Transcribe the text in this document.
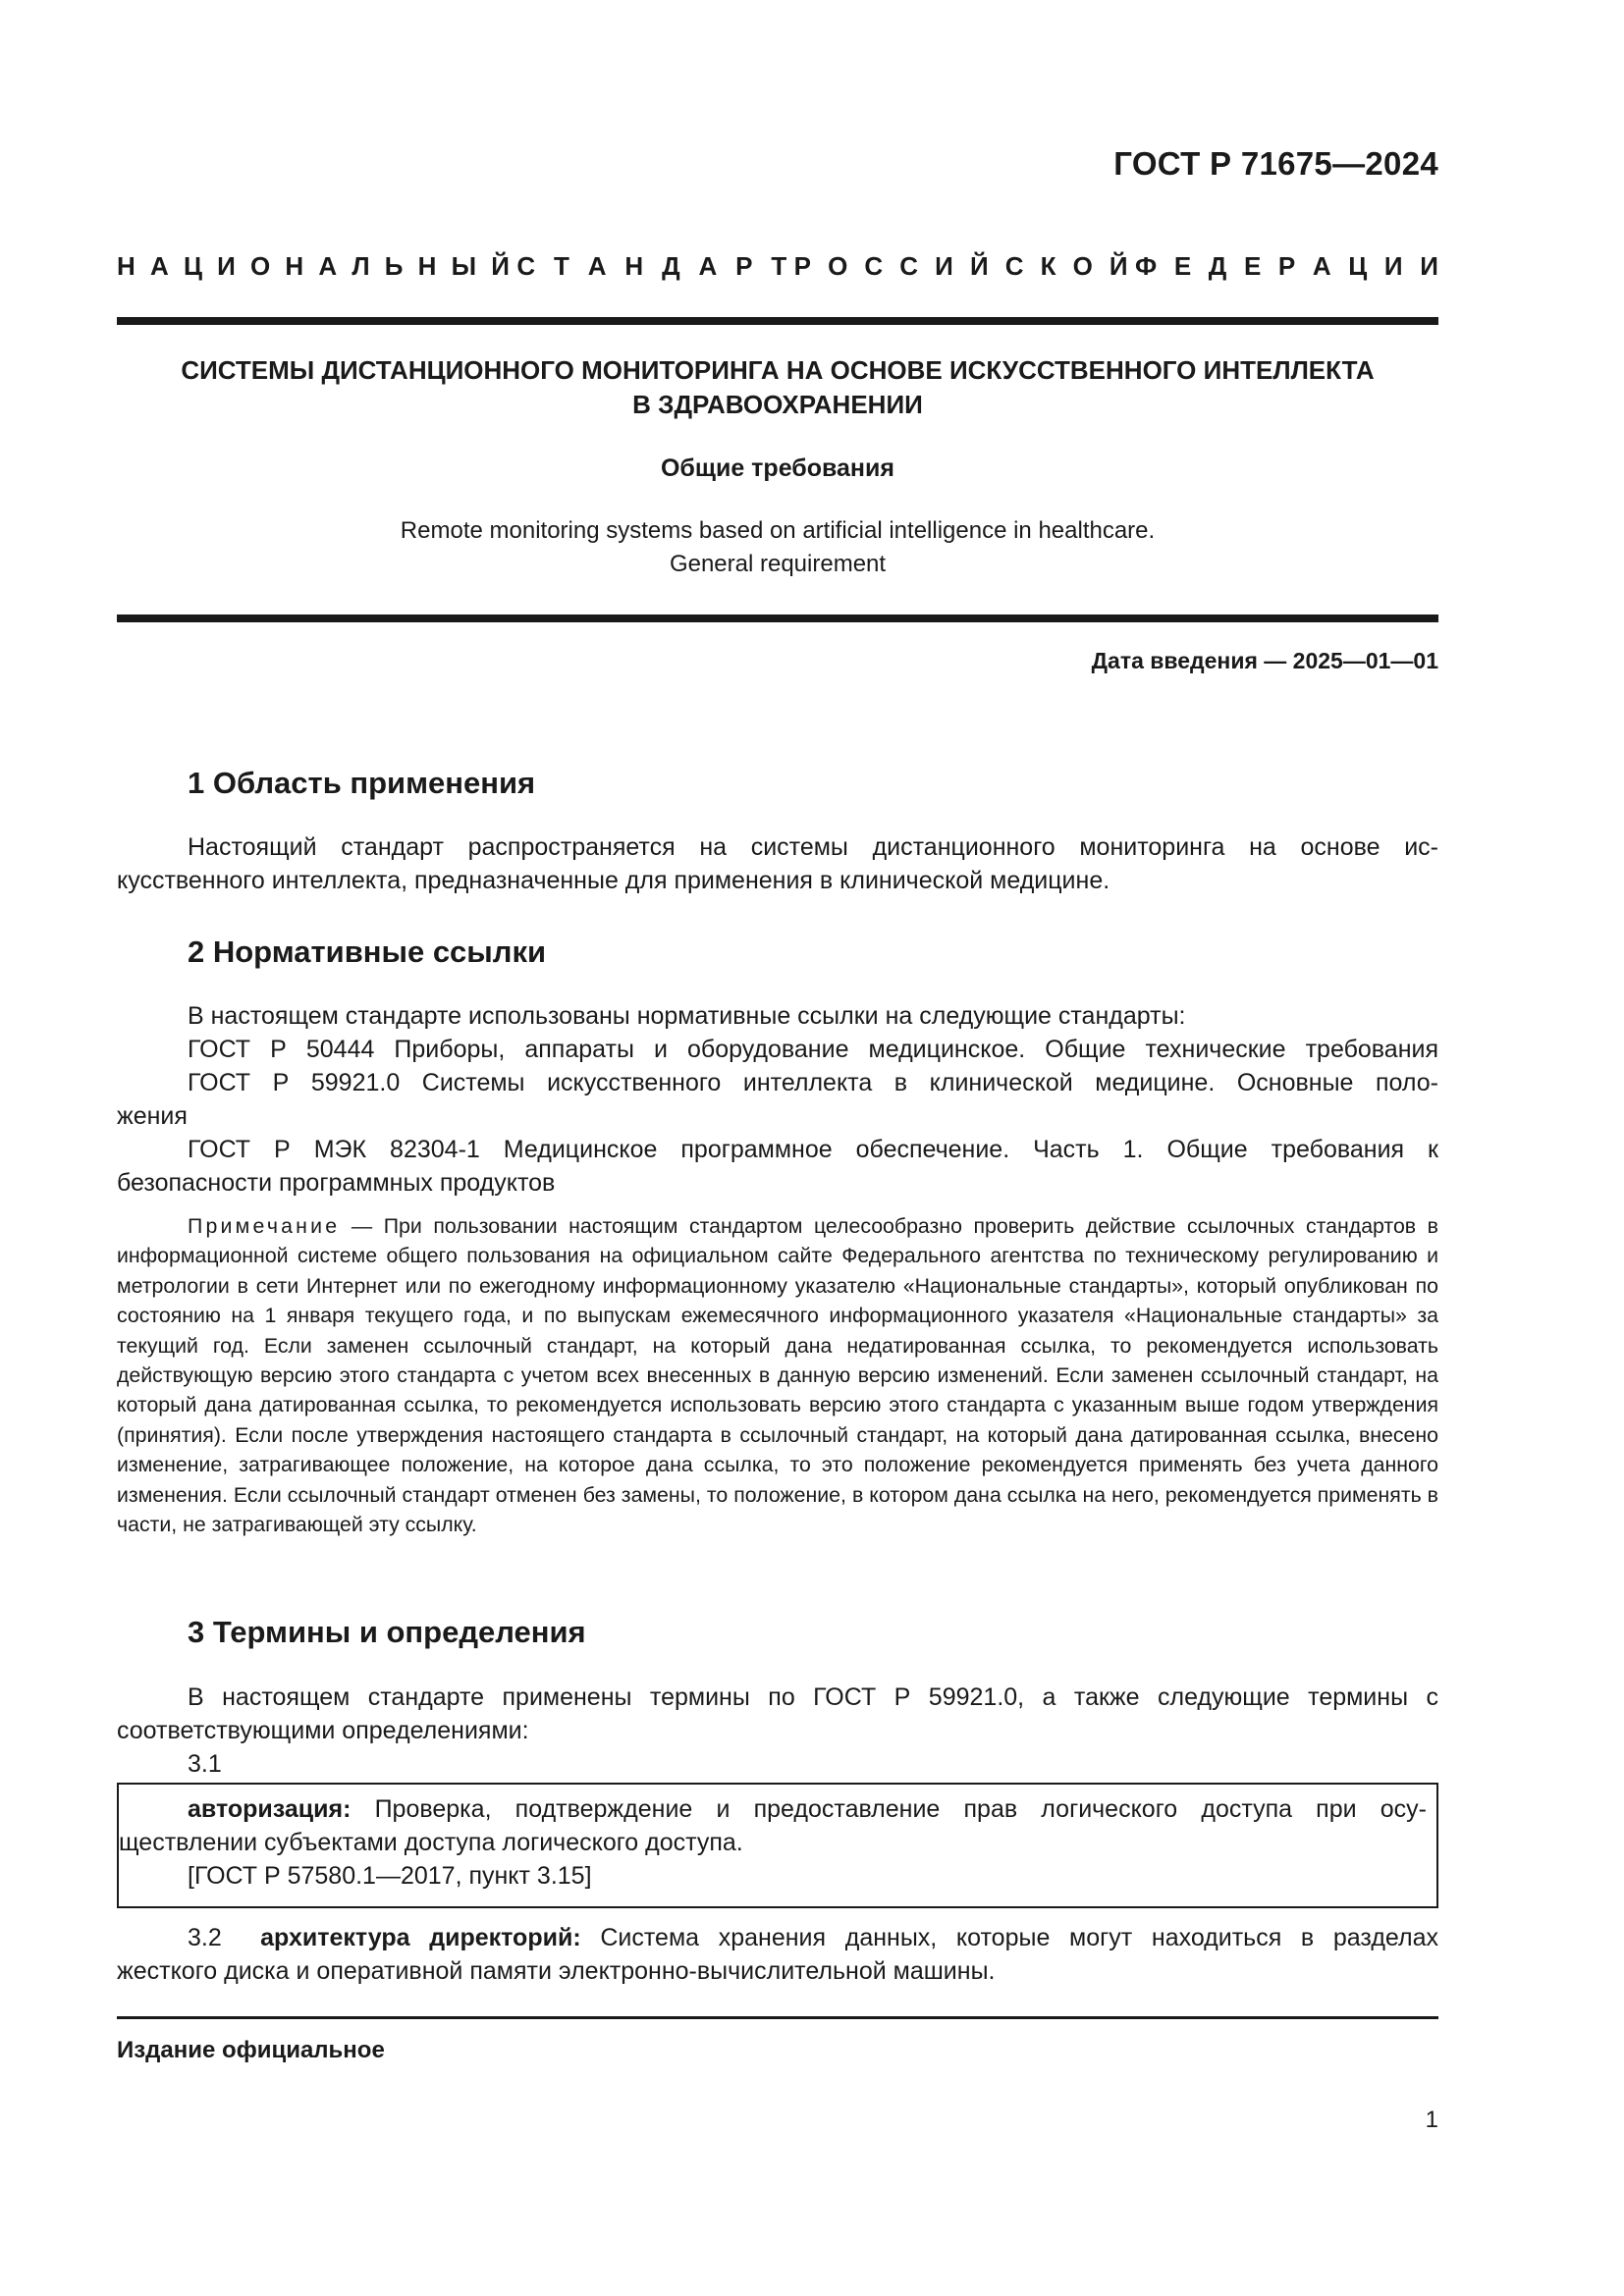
ГОСТ Р 71675—2024
Н А Ц И О Н А Л Ь Н Ы Й С Т А Н Д А Р Т Р О С С И Й С К О Й Ф Е Д Е Р А Ц И И
СИСТЕМЫ ДИСТАНЦИОННОГО МОНИТОРИНГА НА ОСНОВЕ ИСКУССТВЕННОГО ИНТЕЛЛЕКТА
В ЗДРАВООХРАНЕНИИ
Общие требования
Remote monitoring systems based on artificial intelligence in healthcare.
General requirement
Дата введения — 2025—01—01
1 Область применения
Настоящий стандарт распространяется на системы дистанционного мониторинга на основе ис-
кусственного интеллекта, предназначенные для применения в клинической медицине.
2 Нормативные ссылки
В настоящем стандарте использованы нормативные ссылки на следующие стандарты:
ГОСТ Р 50444 Приборы, аппараты и оборудование медицинское. Общие технические требования
ГОСТ Р 59921.0 Системы искусственного интеллекта в клинической медицине. Основные поло-
жения
ГОСТ Р МЭК 82304-1 Медицинское программное обеспечение. Часть 1. Общие требования к
безопасности программных продуктов
Примечание — При пользовании настоящим стандартом целесообразно проверить действие ссылочных стандартов в информационной системе общего пользования на официальном сайте Федерального агентства по техническому регулированию и метрологии в сети Интернет или по ежегодному информационному указателю «Национальные стандарты», который опубликован по состоянию на 1 января текущего года, и по выпускам ежемесячного информационного указателя «Национальные стандарты» за текущий год. Если заменен ссылочный стандарт, на который дана недатированная ссылка, то рекомендуется использовать действующую версию этого стандарта с учетом всех внесенных в данную версию изменений. Если заменен ссылочный стандарт, на который дана датированная ссылка, то рекомендуется использовать версию этого стандарта с указанным выше годом утверждения (принятия). Если после утверждения настоящего стандарта в ссылочный стандарт, на который дана датированная ссылка, внесено изменение, затрагивающее положение, на которое дана ссылка, то это положение рекомендуется применять без учета данного изменения. Если ссылочный стандарт отменен без замены, то положение, в котором дана ссылка на него, рекомендуется применять в части, не затрагивающей эту ссылку.
3 Термины и определения
В настоящем стандарте применены термины по ГОСТ Р 59921.0, а также следующие термины с
соответствующими определениями:
3.1
авторизация: Проверка, подтверждение и предоставление прав логического доступа при осу-
ществлении субъектами доступа логического доступа.
[ГОСТ Р 57580.1—2017, пункт 3.15]
3.2 архитектура директорий: Система хранения данных, которые могут находиться в разделах
жесткого диска и оперативной памяти электронно-вычислительной машины.
Издание официальное
1
